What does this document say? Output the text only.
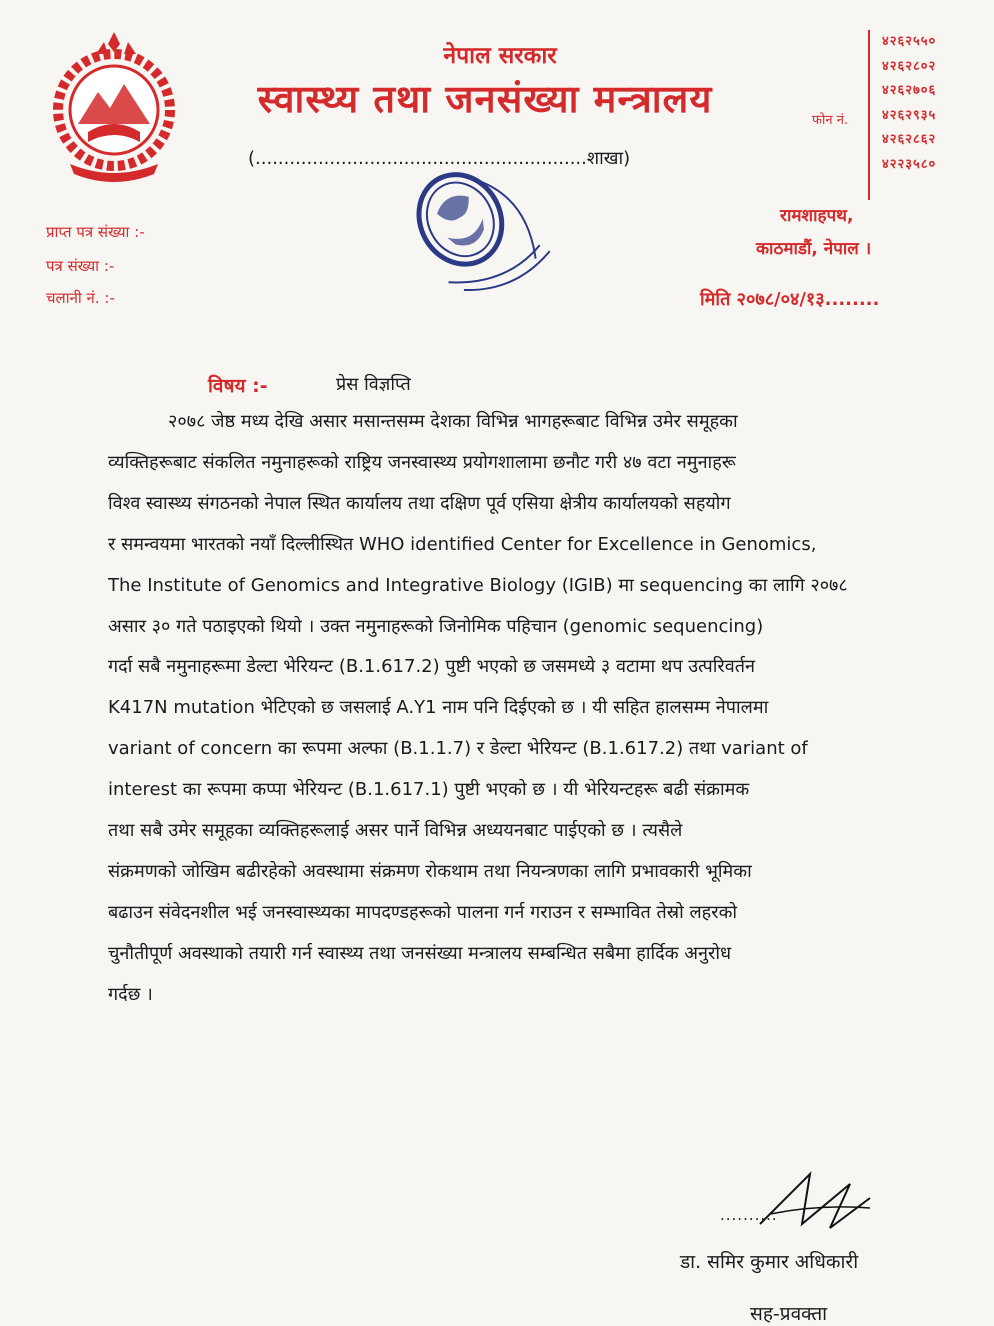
नेपाल सरकार
स्वास्थ्य तथा जनसंख्या मन्त्रालय
(..........................................................शाखा)
फोन नं.
४२६२५५०
४२६२८०२
४२६२७०६
४२६२९३५
४२६२८६२
४२२३५८०
रामशाहपथ,
काठमाडौं, नेपाल ।
प्राप्त पत्र संख्या :-
पत्र संख्या :-
चलानी नं. :-	मिति २०७८/०४/१३........
विषय :-	प्रेस विज्ञप्ति
२०७८ जेष्ठ मध्य देखि असार मसान्तसम्म देशका विभिन्न भागहरूबाट विभिन्न उमेर समूहका
व्यक्तिहरूबाट संकलित नमुनाहरूको राष्ट्रिय जनस्वास्थ्य प्रयोगशालामा छनौट गरी ४७ वटा नमुनाहरू
विश्व स्वास्थ्य संगठनको नेपाल स्थित कार्यालय तथा दक्षिण पूर्व एसिया क्षेत्रीय कार्यालयको सहयोग
र समन्वयमा भारतको नयाँ दिल्लीस्थित WHO identified Center for Excellence in Genomics,
The Institute of Genomics and Integrative Biology (IGIB) मा sequencing का लागि २०७८
असार ३० गते पठाइएको थियो । उक्त नमुनाहरूको जिनोमिक पहिचान (genomic sequencing)
गर्दा सबै नमुनाहरूमा डेल्टा भेरियन्ट (B.1.617.2) पुष्टी भएको छ जसमध्ये ३ वटामा थप उत्परिवर्तन
K417N mutation भेटिएको छ जसलाई A.Y1 नाम पनि दिईएको छ । यी सहित हालसम्म नेपालमा
variant of concern का रूपमा अल्फा (B.1.1.7) र डेल्टा भेरियन्ट (B.1.617.2) तथा variant of
interest का रूपमा कप्पा भेरियन्ट (B.1.617.1) पुष्टी भएको छ । यी भेरियन्टहरू बढी संक्रामक
तथा सबै उमेर समूहका व्यक्तिहरूलाई असर पार्ने विभिन्न अध्ययनबाट पाईएको छ । त्यसैले
संक्रमणको जोखिम बढीरहेको अवस्थामा संक्रमण रोकथाम तथा नियन्त्रणका लागि प्रभावकारी भूमिका
बढाउन संवेदनशील भई जनस्वास्थ्यका मापदण्डहरूको पालना गर्न गराउन र सम्भावित तेस्रो लहरको
चुनौतीपूर्ण अवस्थाको तयारी गर्न स्वास्थ्य तथा जनसंख्या मन्त्रालय सम्बन्धित सबैमा हार्दिक अनुरोध
गर्दछ ।
..........
डा. समिर कुमार अधिकारी
सह-प्रवक्ता
